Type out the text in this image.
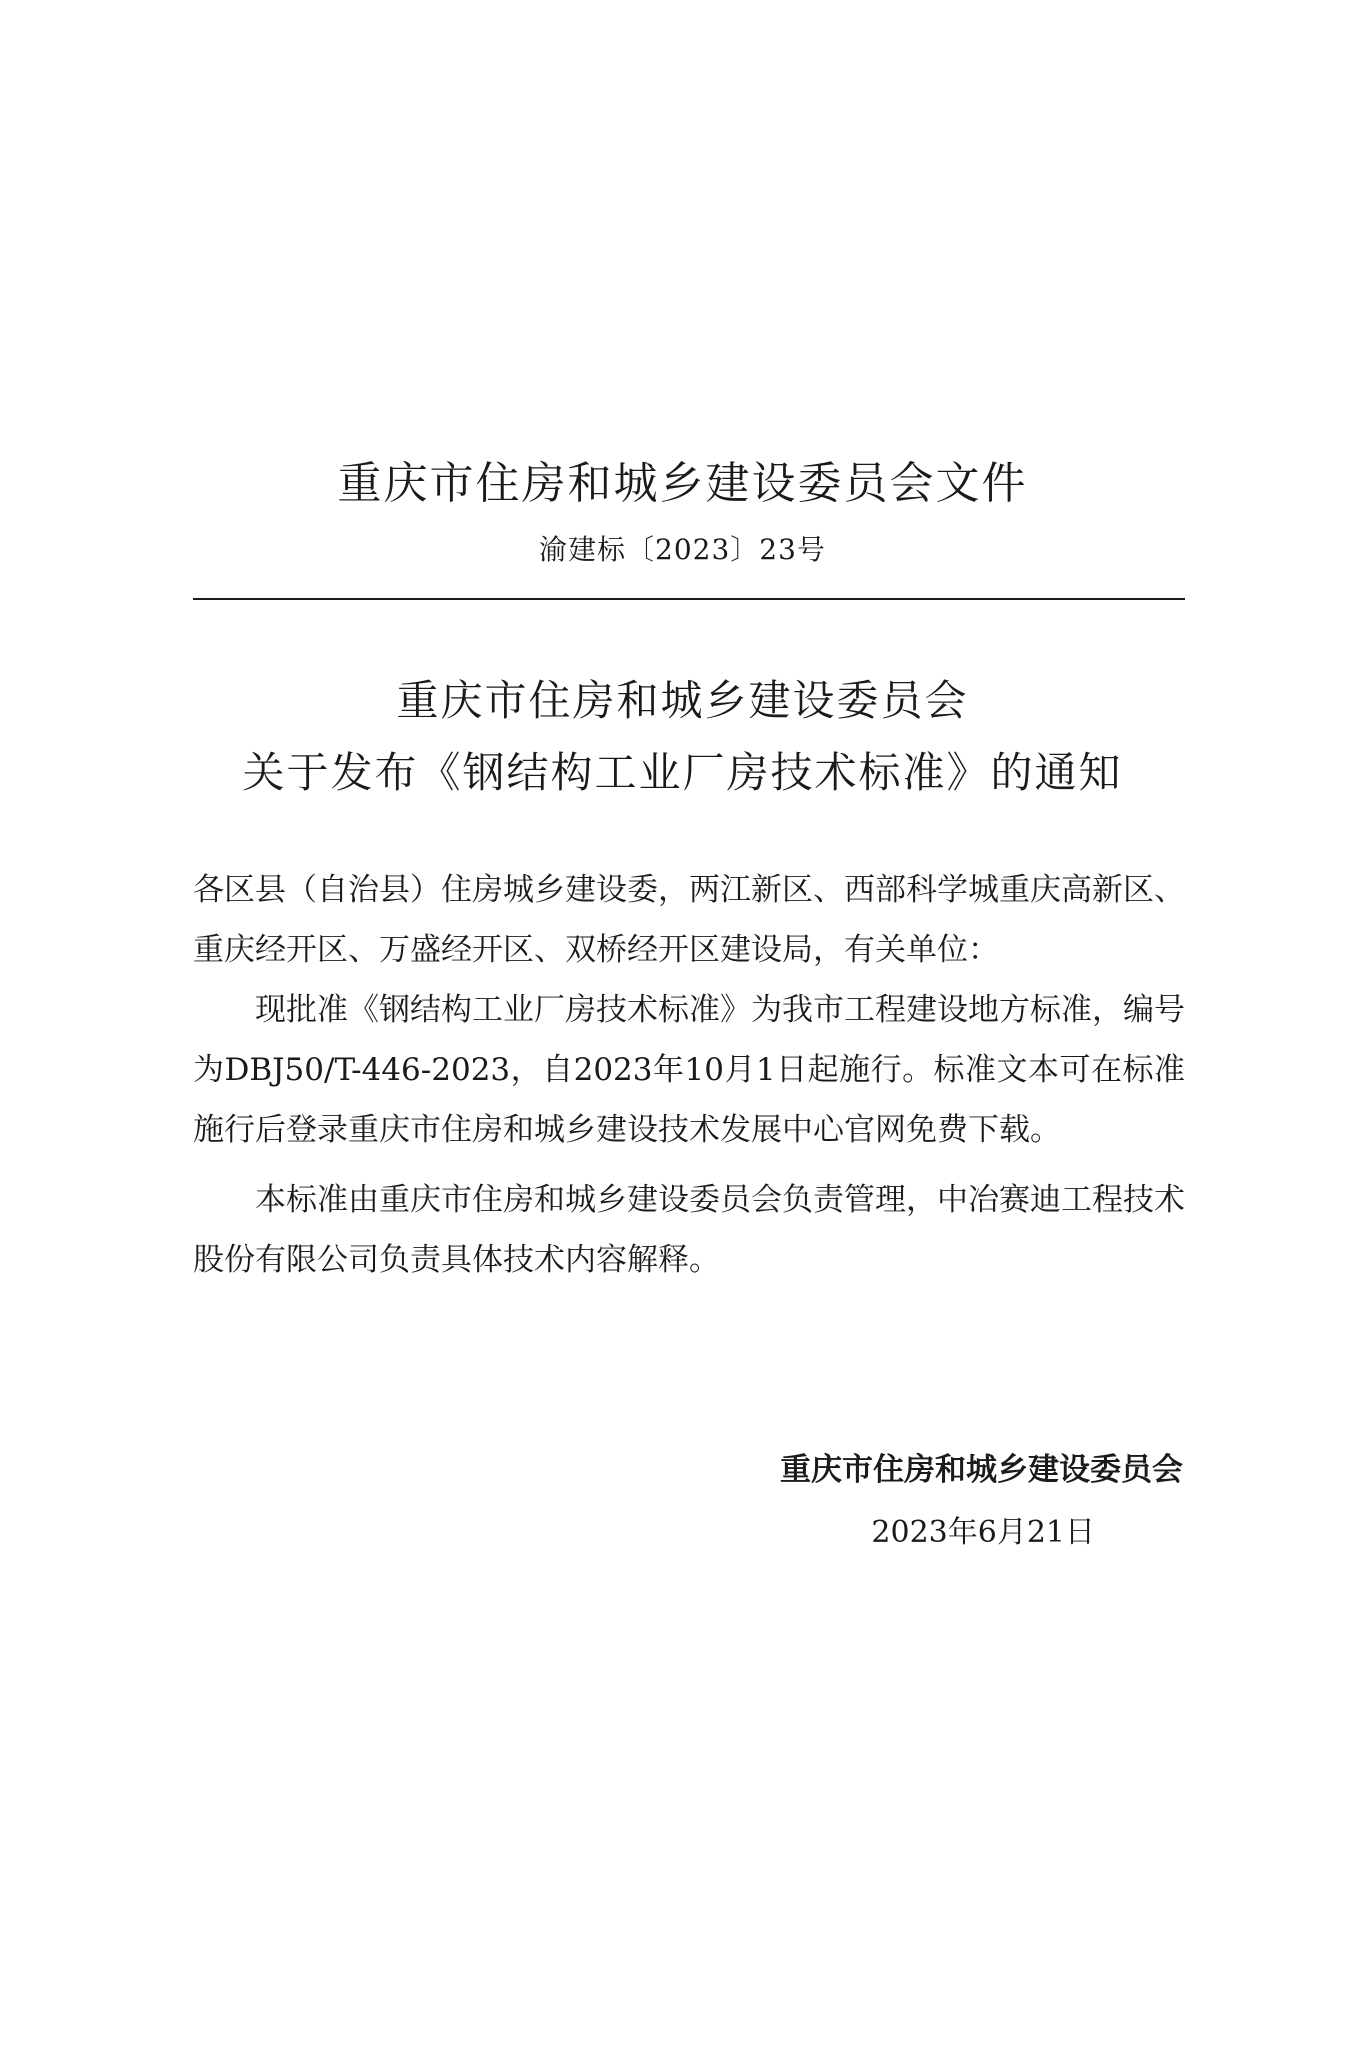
重庆市住房和城乡建设委员会文件
渝建标〔2023〕23号
重庆市住房和城乡建设委员会
关于发布《钢结构工业厂房技术标准》的通知

各区县（自治县）住房城乡建设委，两江新区、西部科学城重庆高新区、重庆经开区、万盛经开区、双桥经开区建设局，有关单位：

现批准《钢结构工业厂房技术标准》为我市工程建设地方标准，编号为DBJ50/T-446-2023，自2023年10月1日起施行。标准文本可在标准施行后登录重庆市住房和城乡建设技术发展中心官网免费下载。

本标准由重庆市住房和城乡建设委员会负责管理，中冶赛迪工程技术股份有限公司负责具体技术内容解释。

重庆市住房和城乡建设委员会
2023年6月21日
